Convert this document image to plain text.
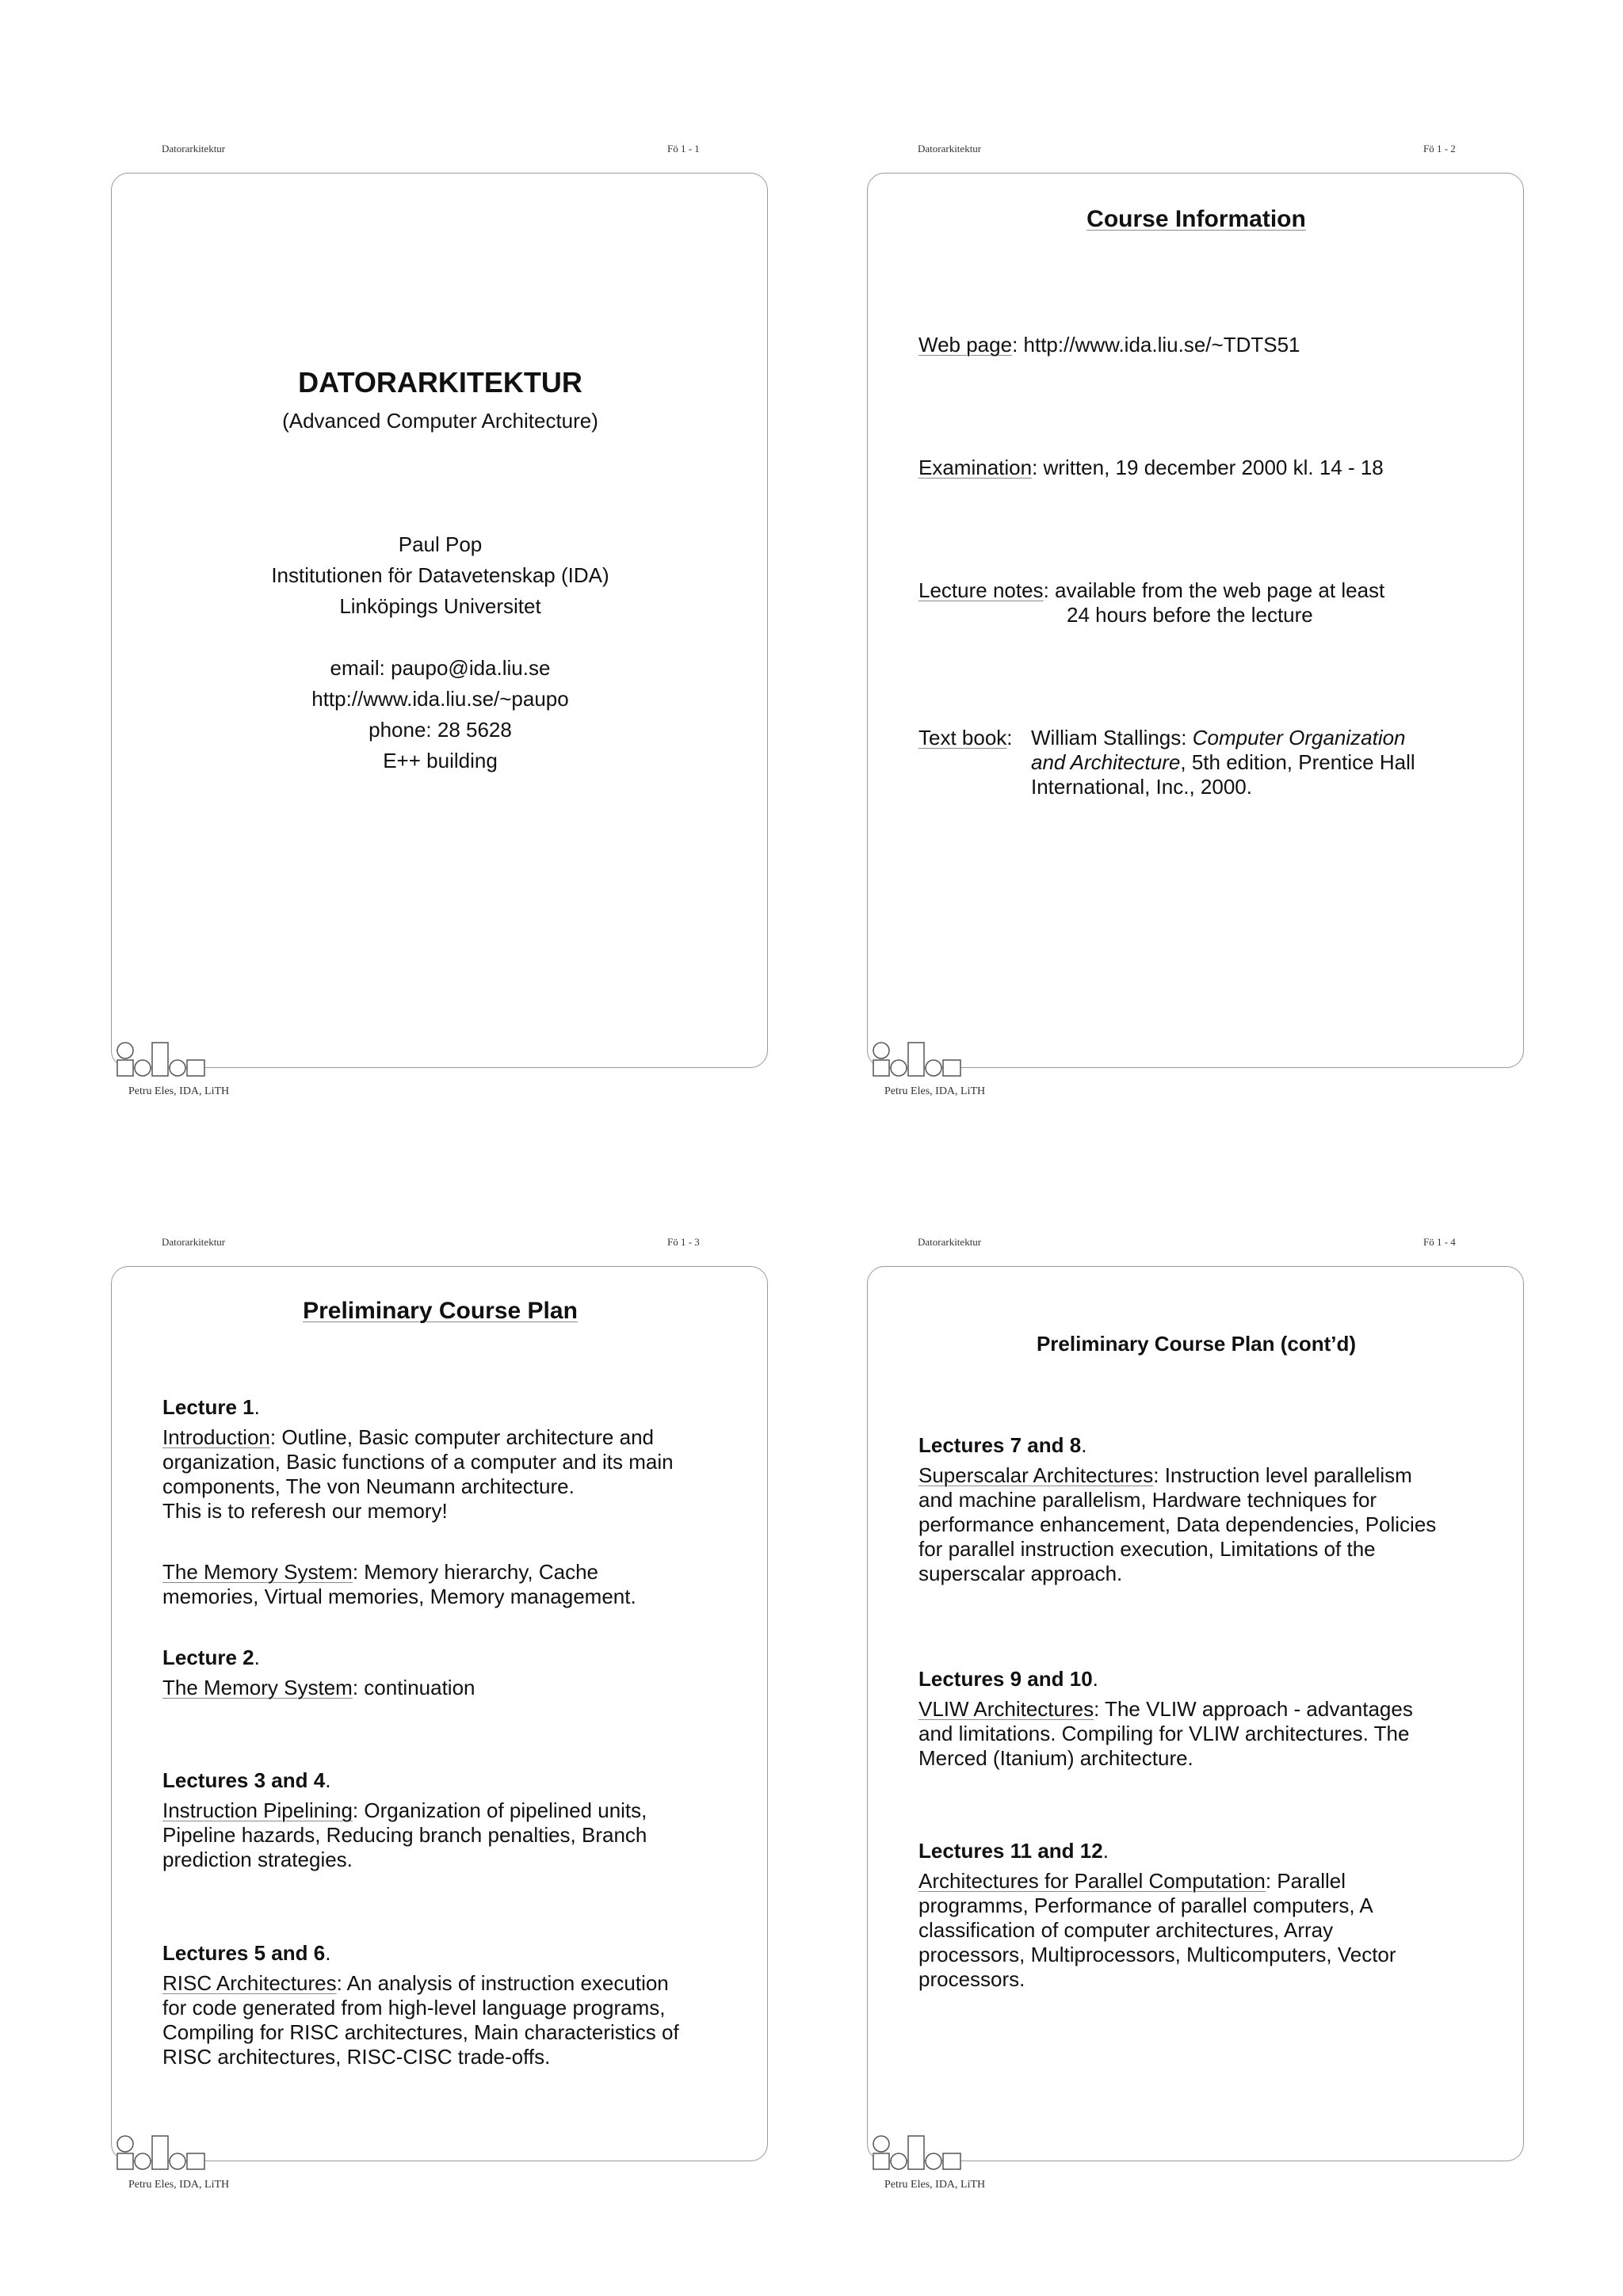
Datorarkitektur	Fö 1 - 1
DATORARKITEKTUR
(Advanced Computer Architecture)
Paul Pop
Institutionen för Datavetenskap (IDA)
Linköpings Universitet
email: paupo@ida.liu.se
http://www.ida.liu.se/~paupo
phone: 28 5628
E++ building
Petru Eles, IDA, LiTH
Datorarkitektur	Fö 1 - 2
Course Information
Web page: http://www.ida.liu.se/~TDTS51
Examination: written, 19 december 2000 kl. 14 - 18
Lecture notes: available from the web page at least
24 hours before the lecture
Text book: William Stallings: Computer Organization
and Architecture, 5th edition, Prentice Hall
International, Inc., 2000.
Petru Eles, IDA, LiTH
Datorarkitektur	Fö 1 - 3
Preliminary Course Plan
Lecture 1.
Introduction: Outline, Basic computer architecture and
organization, Basic functions of a computer and its main
components, The von Neumann architecture.
This is to referesh our memory!
The Memory System: Memory hierarchy, Cache
memories, Virtual memories, Memory management.
Lecture 2.
The Memory System: continuation
Lectures 3 and 4.
Instruction Pipelining: Organization of pipelined units,
Pipeline hazards, Reducing branch penalties, Branch
prediction strategies.
Lectures 5 and 6.
RISC Architectures: An analysis of instruction execution
for code generated from high-level language programs,
Compiling for RISC architectures, Main characteristics of
RISC architectures, RISC-CISC trade-offs.
Petru Eles, IDA, LiTH
Datorarkitektur	Fö 1 - 4
Preliminary Course Plan (cont’d)
Lectures 7 and 8.
Superscalar Architectures: Instruction level parallelism
and machine parallelism, Hardware techniques for
performance enhancement, Data dependencies, Policies
for parallel instruction execution, Limitations of the
superscalar approach.
Lectures 9 and 10.
VLIW Architectures: The VLIW approach - advantages
and limitations. Compiling for VLIW architectures. The
Merced (Itanium) architecture.
Lectures 11 and 12.
Architectures for Parallel Computation: Parallel
programms, Performance of parallel computers, A
classification of computer architectures, Array
processors, Multiprocessors, Multicomputers, Vector
processors.
Petru Eles, IDA, LiTH
